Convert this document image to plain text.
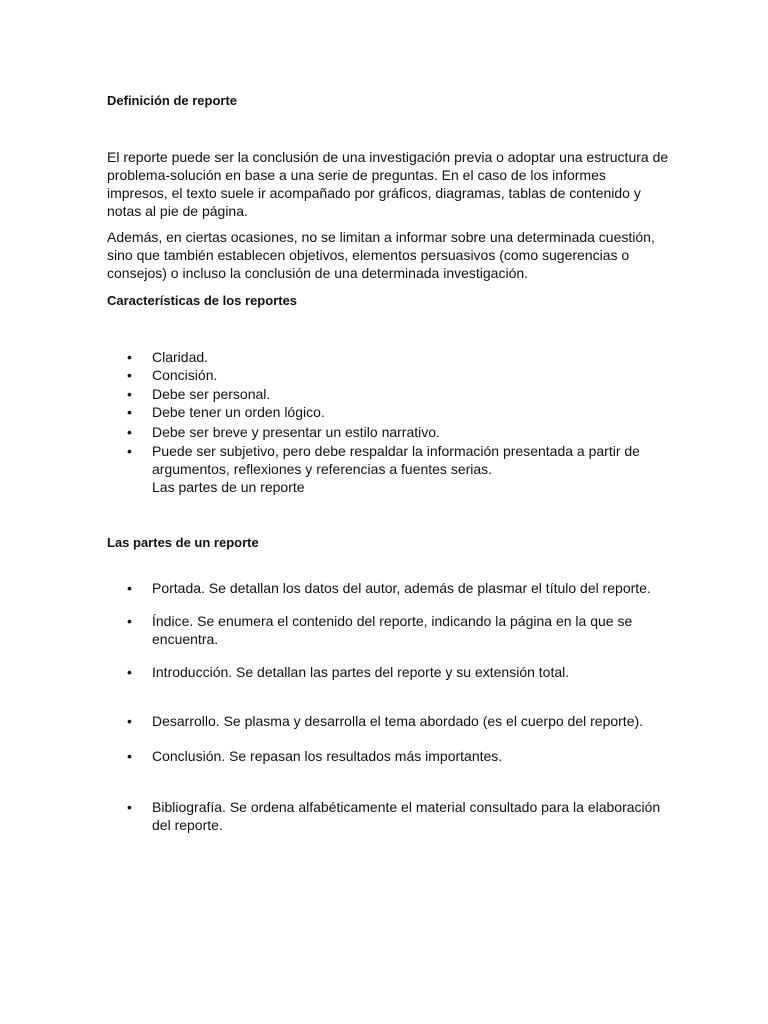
Definición de reporte
El reporte puede ser la conclusión de una investigación previa o adoptar una estructura de
problema-solución en base a una serie de preguntas. En el caso de los informes
impresos, el texto suele ir acompañado por gráficos, diagramas, tablas de contenido y
notas al pie de página.
Además, en ciertas ocasiones, no se limitan a informar sobre una determinada cuestión,
sino que también establecen objetivos, elementos persuasivos (como sugerencias o
consejos) o incluso la conclusión de una determinada investigación.
Características de los reportes
•	Claridad.
•	Concisión.
•	Debe ser personal.
•	Debe tener un orden lógico.
•	Debe ser breve y presentar un estilo narrativo.
•	Puede ser subjetivo, pero debe respaldar la información presentada a partir de
argumentos, reflexiones y referencias a fuentes serias.
Las partes de un reporte
Las partes de un reporte
•	Portada. Se detallan los datos del autor, además de plasmar el título del reporte.
•	Índice. Se enumera el contenido del reporte, indicando la página en la que se
encuentra.
•	Introducción. Se detallan las partes del reporte y su extensión total.
•	Desarrollo. Se plasma y desarrolla el tema abordado (es el cuerpo del reporte).
•	Conclusión. Se repasan los resultados más importantes.
•	Bibliografía. Se ordena alfabéticamente el material consultado para la elaboración
del reporte.
